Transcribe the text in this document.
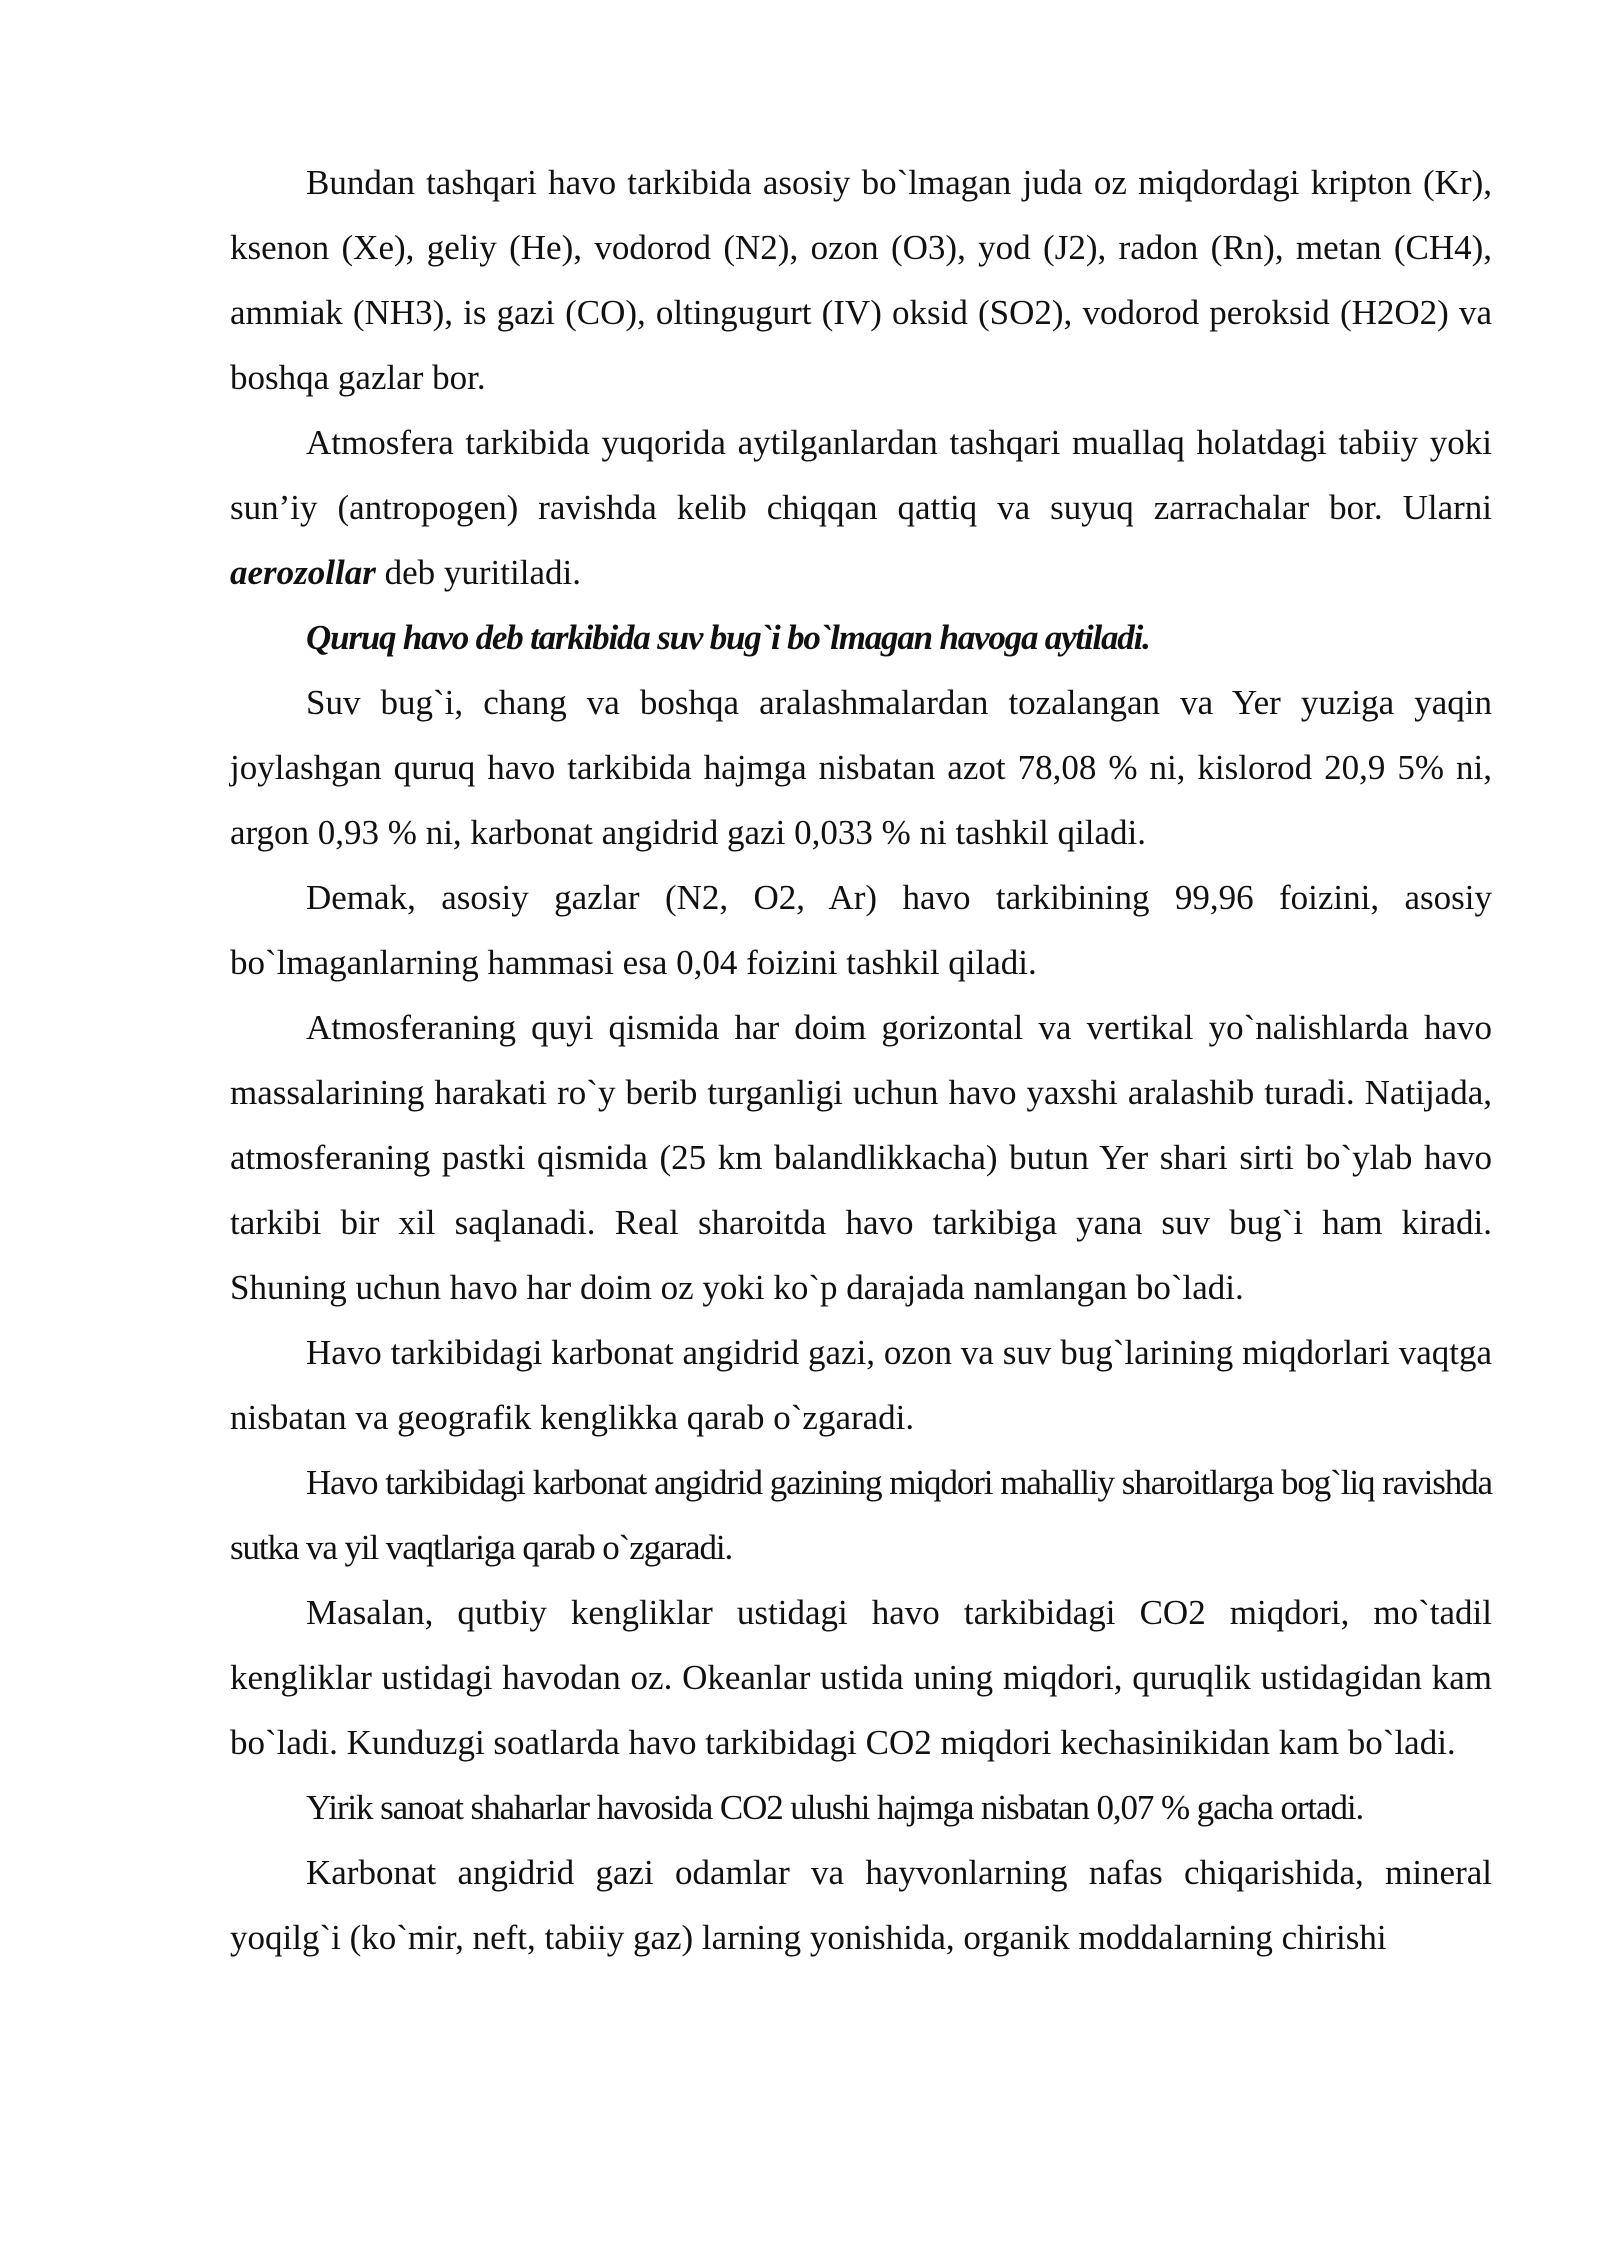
Bundan tashqari havo tarkibida asosiy bo`lmagan juda oz miqdordagi kripton (Kr), ksenon (Xe), geliy (He), vodorod (N2), ozon (O3), yod (J2), radon (Rn), metan (CH4), ammiak (NH3), is gazi (CO), oltingugurt (IV) oksid (SO2), vodorod peroksid (H2O2) va boshqa gazlar bor.

Atmosfera tarkibida yuqorida aytilganlardan tashqari muallaq holatdagi tabiiy yoki sun’iy (antropogen) ravishda kelib chiqqan qattiq va suyuq zarrachalar bor. Ularni aerozollar deb yuritiladi.

Quruq havo deb tarkibida suv bug`i bo`lmagan havoga aytiladi.

Suv bug`i, chang va boshqa aralashmalardan tozalangan va Yer yuziga yaqin joylashgan quruq havo tarkibida hajmga nisbatan azot 78,08 % ni, kislorod 20,9 5% ni, argon 0,93 % ni, karbonat angidrid gazi 0,033 % ni tashkil qiladi.

Demak, asosiy gazlar (N2, O2, Ar) havo tarkibining 99,96 foizini, asosiy bo`lmaganlarning hammasi esa 0,04 foizini tashkil qiladi.

Atmosferaning quyi qismida har doim gorizontal va vertikal yo`nalishlarda havo massalarining harakati ro`y berib turganligi uchun havo yaxshi aralashib turadi. Natijada, atmosferaning pastki qismida (25 km balandlikkacha) butun Yer shari sirti bo`ylab havo tarkibi bir xil saqlanadi. Real sharoitda havo tarkibiga yana suv bug`i ham kiradi. Shuning uchun havo har doim oz yoki ko`p darajada namlangan bo`ladi.

Havo tarkibidagi karbonat angidrid gazi, ozon va suv bug`larining miqdorlari vaqtga nisbatan va geografik kenglikka qarab o`zgaradi.

Havo tarkibidagi karbonat angidrid gazining miqdori mahalliy sharoitlarga bog`liq ravishda sutka va yil vaqtlariga qarab o`zgaradi.

Masalan, qutbiy kengliklar ustidagi havo tarkibidagi CO2 miqdori, mo`tadil kengliklar ustidagi havodan oz. Okeanlar ustida uning miqdori, quruqlik ustidagidan kam bo`ladi. Kunduzgi soatlarda havo tarkibidagi CO2 miqdori kechasinikidan kam bo`ladi.

Yirik sanoat shaharlar havosida CO2 ulushi hajmga nisbatan 0,07 % gacha ortadi.

Karbonat angidrid gazi odamlar va hayvonlarning nafas chiqarishida, mineral yoqilg`i (ko`mir, neft, tabiiy gaz) larning yonishida, organik moddalarning chirishi
